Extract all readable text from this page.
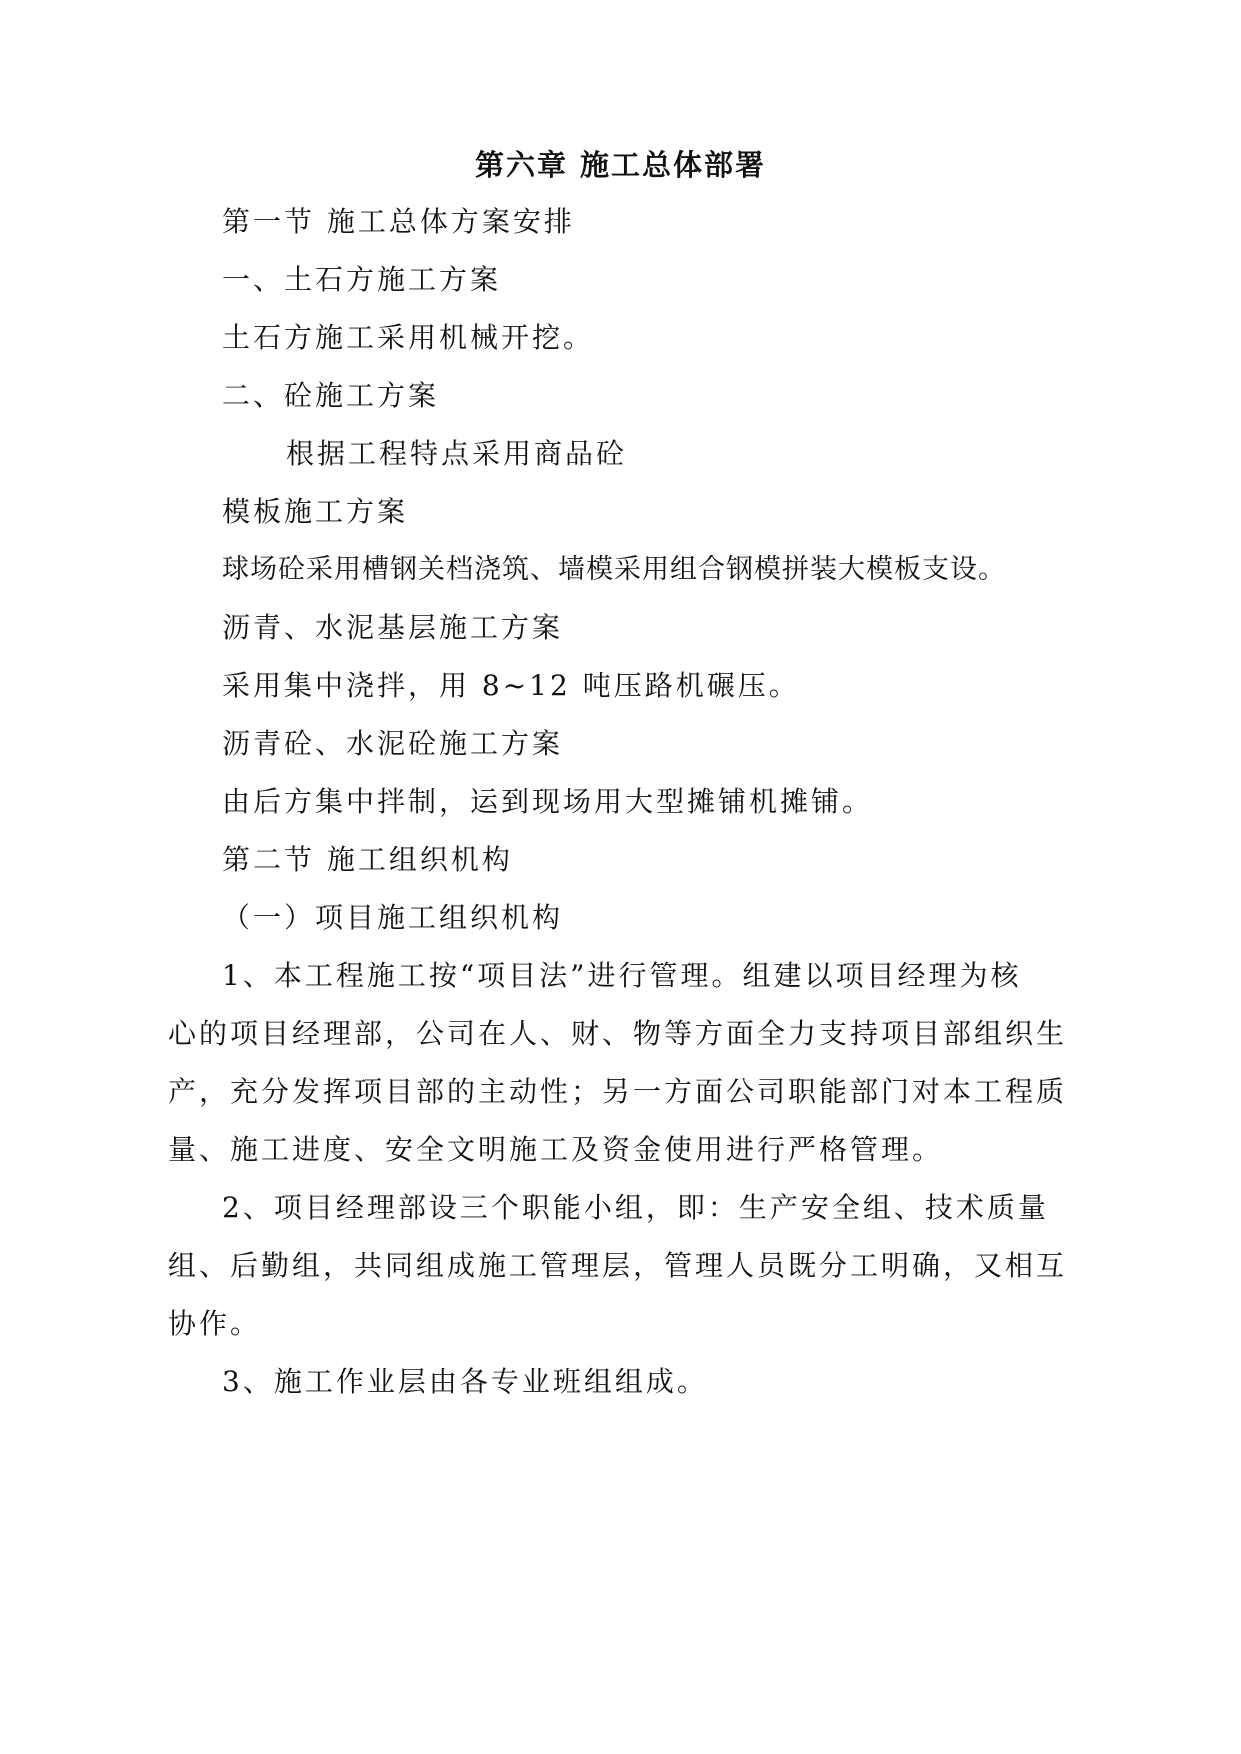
第六章 施工总体部署

第一节 施工总体方案安排

一、土石方施工方案

土石方施工采用机械开挖。

二、砼施工方案

根据工程特点采用商品砼

模板施工方案

球场砼采用槽钢关档浇筑、墙模采用组合钢模拼装大模板支设。

沥青、水泥基层施工方案

采用集中浇拌，用 8~12 吨压路机碾压。

沥青砼、水泥砼施工方案

由后方集中拌制，运到现场用大型摊铺机摊铺。

第二节 施工组织机构

（一）项目施工组织机构

1、本工程施工按“项目法”进行管理。组建以项目经理为核

心的项目经理部，公司在人、财、物等方面全力支持项目部组织生

产，充分发挥项目部的主动性；另一方面公司职能部门对本工程质

量、施工进度、安全文明施工及资金使用进行严格管理。

2、项目经理部设三个职能小组，即：生产安全组、技术质量

组、后勤组，共同组成施工管理层，管理人员既分工明确，又相互

协作。

3、施工作业层由各专业班组组成。
